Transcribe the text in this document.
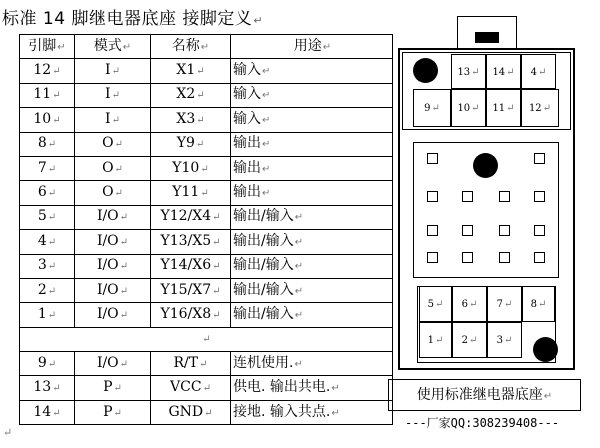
标准 14 脚继电器底座 接脚定义↵
引脚↵	模式↵	名称↵	用途↵
12↵	I↵	X1↵	输入↵
11↵	I↵	X2↵	输入↵
10↵	I↵	X3↵	输入↵
8↵	O↵	Y9↵	输出↵
7↵	O↵	Y10↵	输出↵
6↵	O↵	Y11↵	输出↵
5↵	I/O↵	Y12/X4↵	输出/输入↵
4↵	I/O↵	Y13/X5↵	输出/输入↵
3↵	I/O↵	Y14/X6↵	输出/输入↵
2↵	I/O↵	Y15/X7↵	输出/输入↵
1↵	I/O↵	Y16/X8↵	输出/输入↵
↵			
9↵	I/O↵	R/T↵	连机使用.↵
13↵	P↵	VCC↵	供电. 输出共电.↵
14↵	P↵	GND↵	接地. 输入共点.↵
13↵	14↵	4↵
9↵	10↵	11↵	12↵
5↵	6↵	7↵	8↵
1↵	2↵	3↵
使用标准继电器底座↵
---厂家QQ:308239408---
↵
